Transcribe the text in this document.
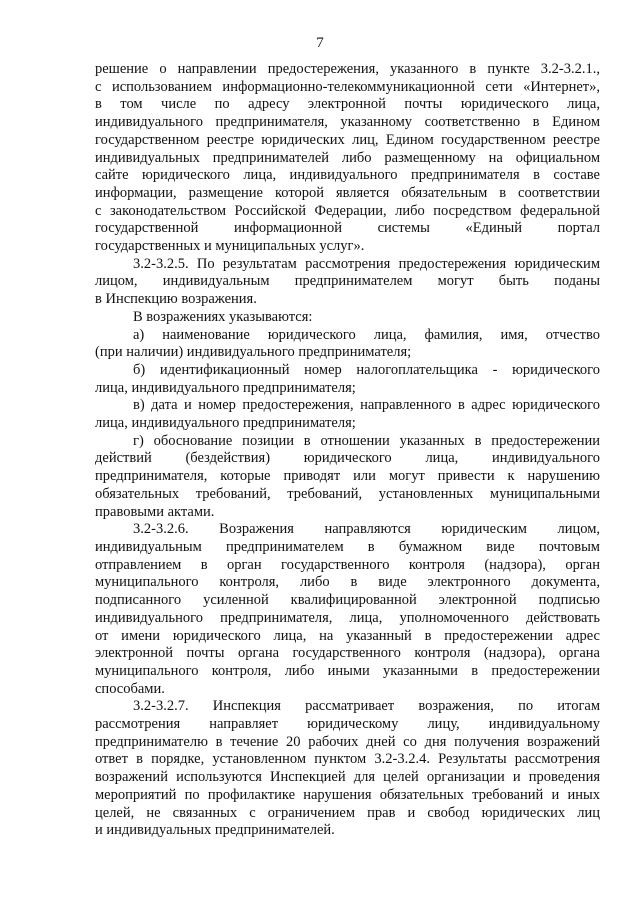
7
решение о направлении предостережения, указанного в пункте 3.2-3.2.1.,
с использованием информационно-телекоммуникационной сети «Интернет»,
в том числе по адресу электронной почты юридического лица,
индивидуального предпринимателя, указанному соответственно в Едином
государственном реестре юридических лиц, Едином государственном реестре
индивидуальных предпринимателей либо размещенному на официальном
сайте юридического лица, индивидуального предпринимателя в составе
информации, размещение которой является обязательным в соответствии
с законодательством Российской Федерации, либо посредством федеральной
государственной информационной системы «Единый портал
государственных и муниципальных услуг».
3.2-3.2.5. По результатам рассмотрения предостережения юридическим
лицом, индивидуальным предпринимателем могут быть поданы
в Инспекцию возражения.
В возражениях указываются:
а) наименование юридического лица, фамилия, имя, отчество
(при наличии) индивидуального предпринимателя;
б) идентификационный номер налогоплательщика - юридического
лица, индивидуального предпринимателя;
в) дата и номер предостережения, направленного в адрес юридического
лица, индивидуального предпринимателя;
г) обоснование позиции в отношении указанных в предостережении
действий (бездействия) юридического лица, индивидуального
предпринимателя, которые приводят или могут привести к нарушению
обязательных требований, требований, установленных муниципальными
правовыми актами.
3.2-3.2.6. Возражения направляются юридическим лицом,
индивидуальным предпринимателем в бумажном виде почтовым
отправлением в орган государственного контроля (надзора), орган
муниципального контроля, либо в виде электронного документа,
подписанного усиленной квалифицированной электронной подписью
индивидуального предпринимателя, лица, уполномоченного действовать
от имени юридического лица, на указанный в предостережении адрес
электронной почты органа государственного контроля (надзора), органа
муниципального контроля, либо иными указанными в предостережении
способами.
3.2-3.2.7. Инспекция рассматривает возражения, по итогам
рассмотрения направляет юридическому лицу, индивидуальному
предпринимателю в течение 20 рабочих дней со дня получения возражений
ответ в порядке, установленном пунктом 3.2-3.2.4. Результаты рассмотрения
возражений используются Инспекцией для целей организации и проведения
мероприятий по профилактике нарушения обязательных требований и иных
целей, не связанных с ограничением прав и свобод юридических лиц
и индивидуальных предпринимателей.
